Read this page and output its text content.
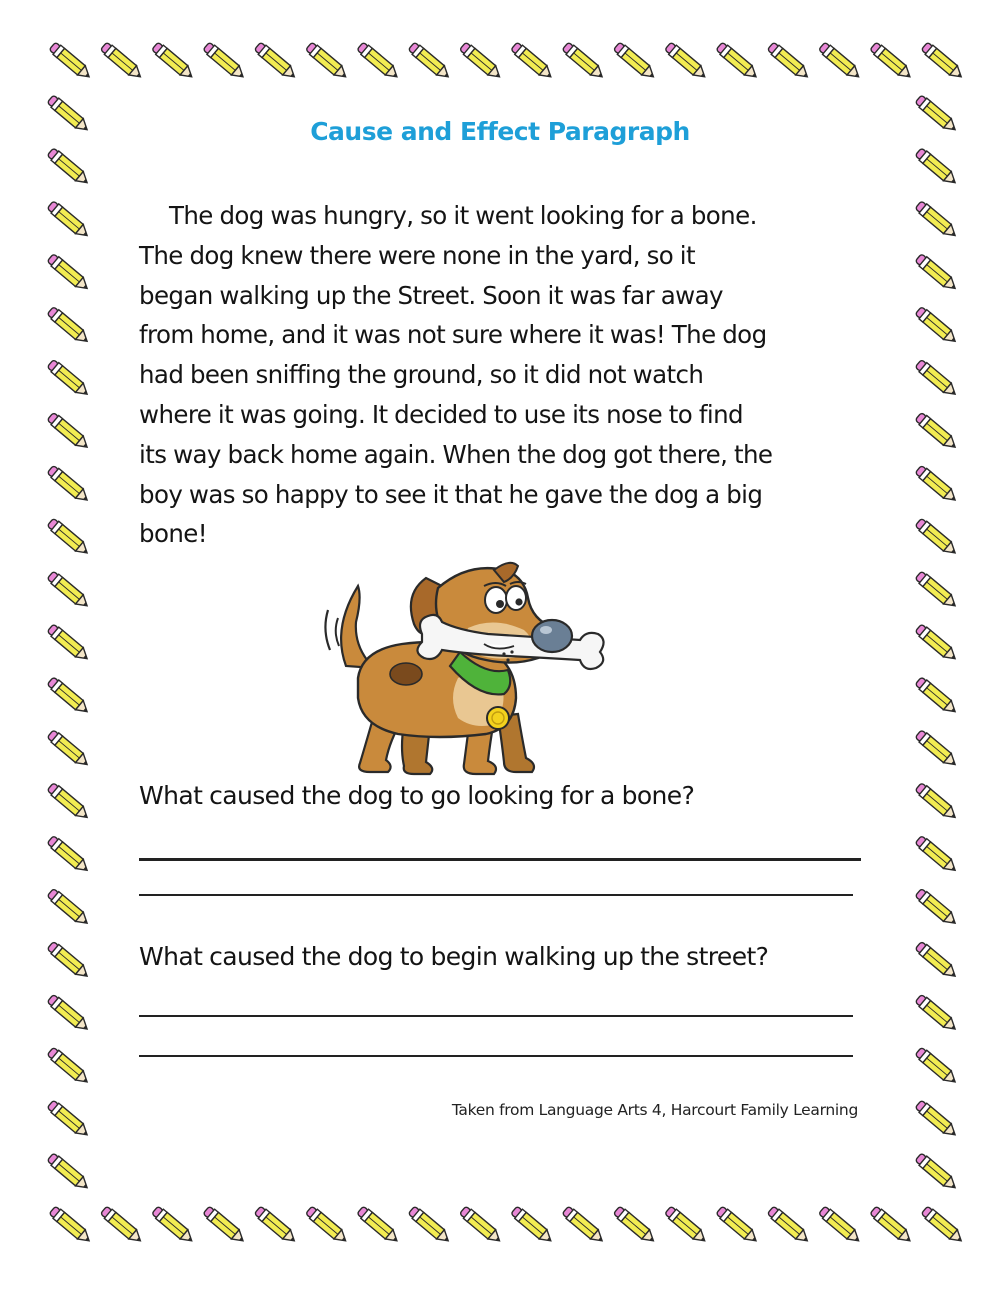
Cause and Effect Paragraph
The dog was hungry, so it went looking for a bone.
The dog knew there were none in the yard, so it
began walking up the Street. Soon it was far away
from home, and it was not sure where it was! The dog
had been sniffing the ground, so it did not watch
where it was going. It decided to use its nose to find
its way back home again. When the dog got there, the
boy was so happy to see it that he gave the dog a big
bone!
What caused the dog to go looking for a bone?
What caused the dog to begin walking up the street?
Taken from Language Arts 4, Harcourt Family Learning
